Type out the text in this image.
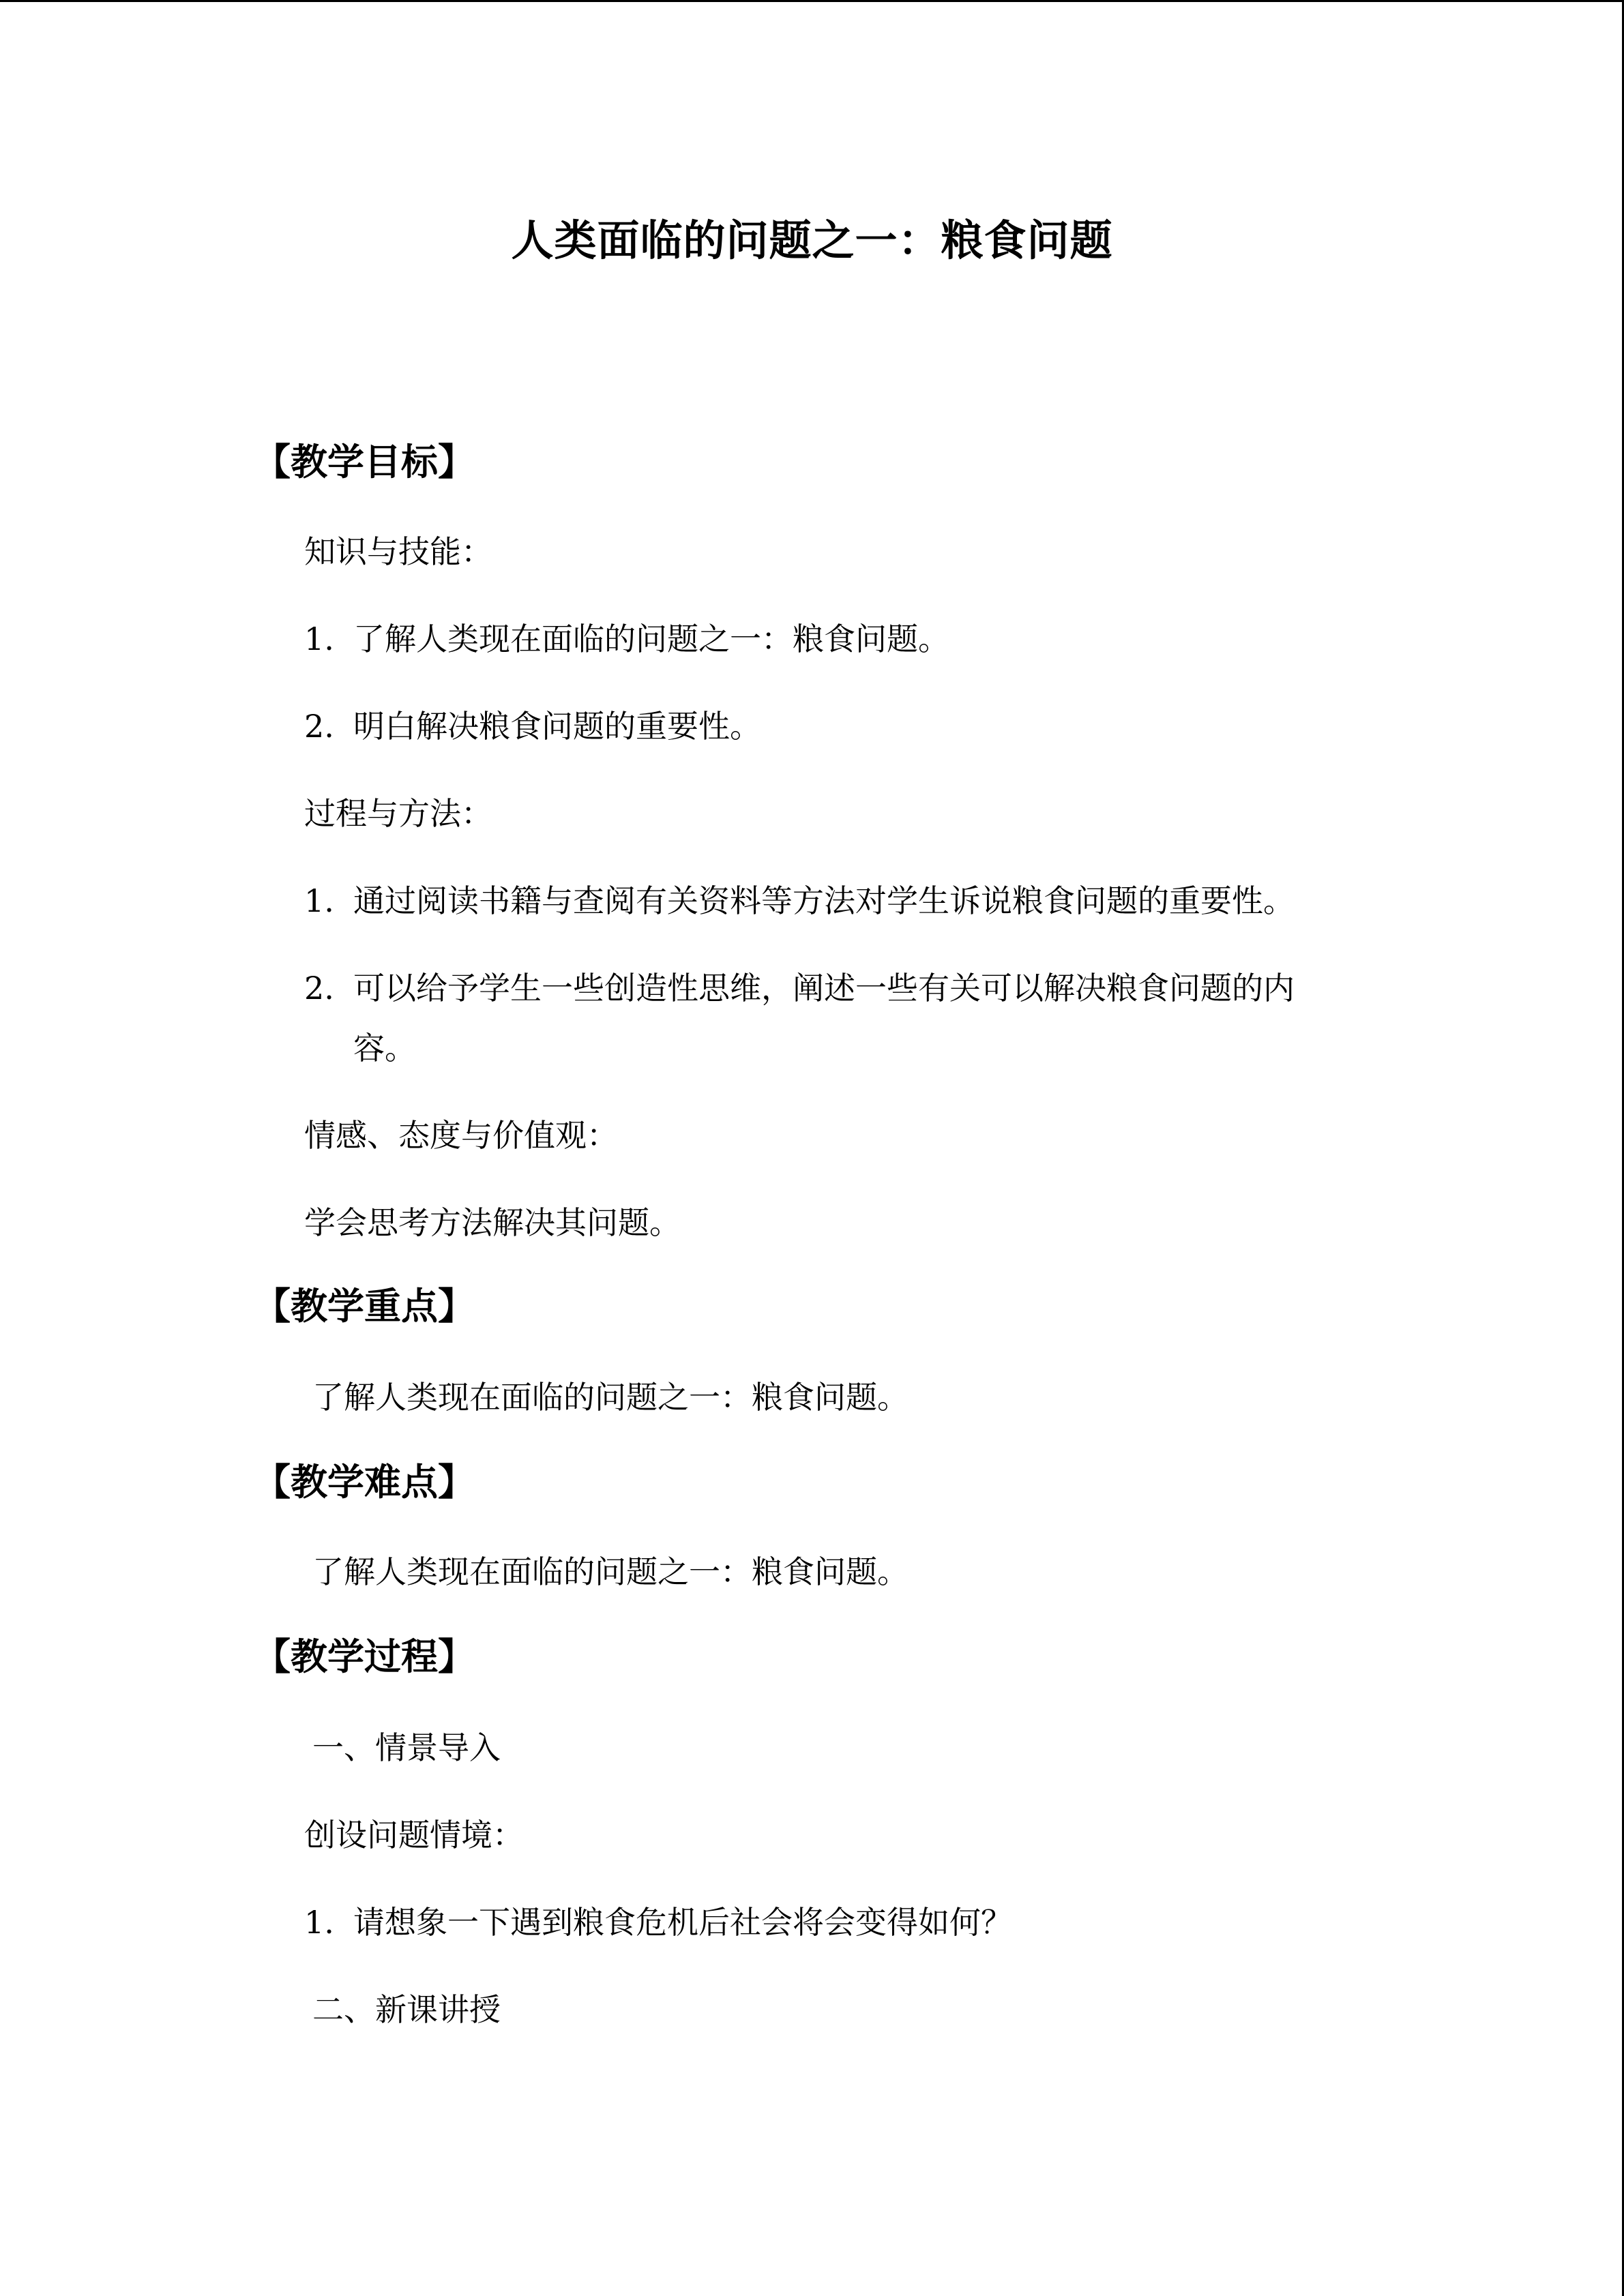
人类面临的问题之一：粮食问题
【教学目标】
知识与技能：
1. 了解人类现在面临的问题之一：粮食问题。
2. 明白解决粮食问题的重要性。
过程与方法：
1. 通过阅读书籍与查阅有关资料等方法对学生诉说粮食问题的重要性。
2. 可以给予学生一些创造性思维，阐述一些有关可以解决粮食问题的内
容。
情感、态度与价值观：
学会思考方法解决其问题。
【教学重点】
了解人类现在面临的问题之一：粮食问题。
【教学难点】
了解人类现在面临的问题之一：粮食问题。
【教学过程】
一、情景导入
创设问题情境：
1. 请想象一下遇到粮食危机后社会将会变得如何？
二、新课讲授
